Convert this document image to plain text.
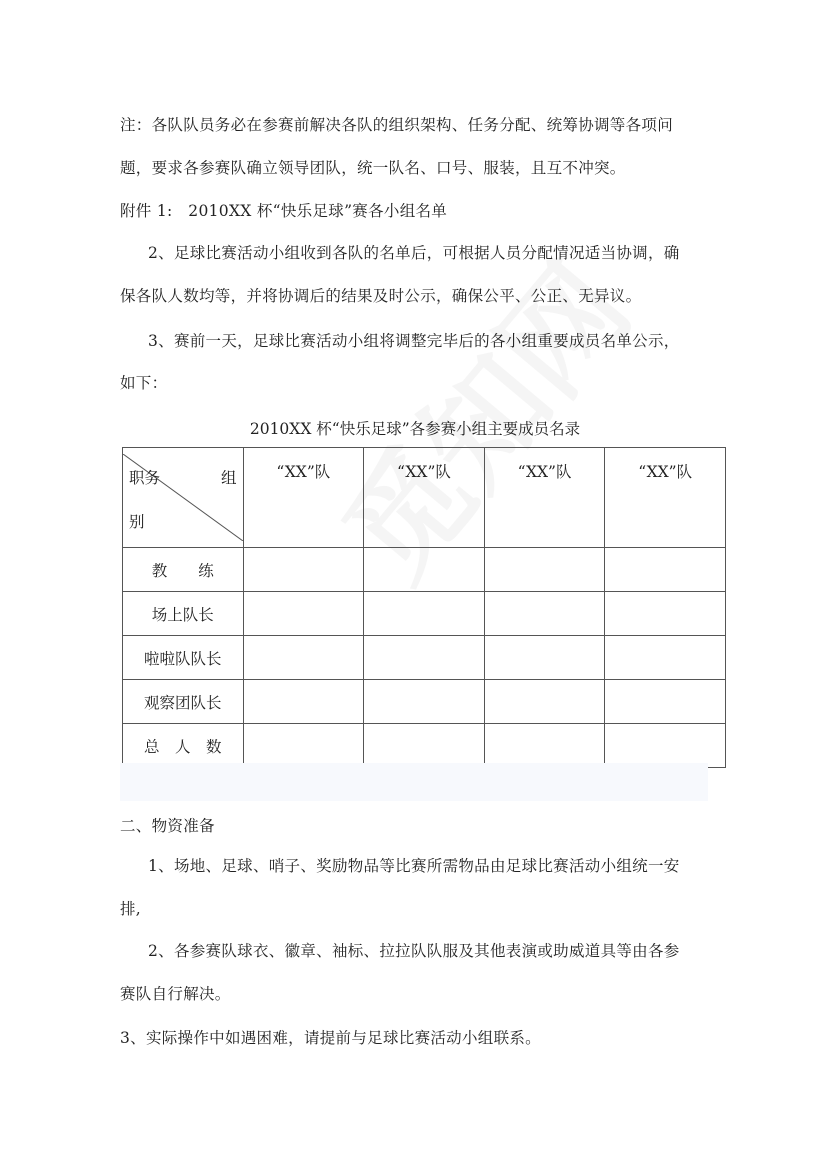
注：各队队员务必在参赛前解决各队的组织架构、任务分配、统筹协调等各项问
题，要求各参赛队确立领导团队，统一队名、口号、服装，且互不冲突。
附件 1:　2010XX 杯“快乐足球”赛各小组名单
2、足球比赛活动小组收到各队的名单后，可根据人员分配情况适当协调，确
保各队人数均等，并将协调后的结果及时公示，确保公平、公正、无异议。
3、赛前一天，足球比赛活动小组将调整完毕后的各小组重要成员名单公示，
如下：
2010XX 杯“快乐足球”各参赛小组主要成员名录
职务 组
别	“XX”队	“XX”队	“XX”队	“XX”队
教　　练				
场上队长				
啦啦队队长				
观察团队长				
总　人　数				
二、物资准备
1、场地、足球、哨子、奖励物品等比赛所需物品由足球比赛活动小组统一安
排,
2、各参赛队球衣、徽章、袖标、拉拉队队服及其他表演或助威道具等由各参
赛队自行解决。
3、实际操作中如遇困难，请提前与足球比赛活动小组联系。
